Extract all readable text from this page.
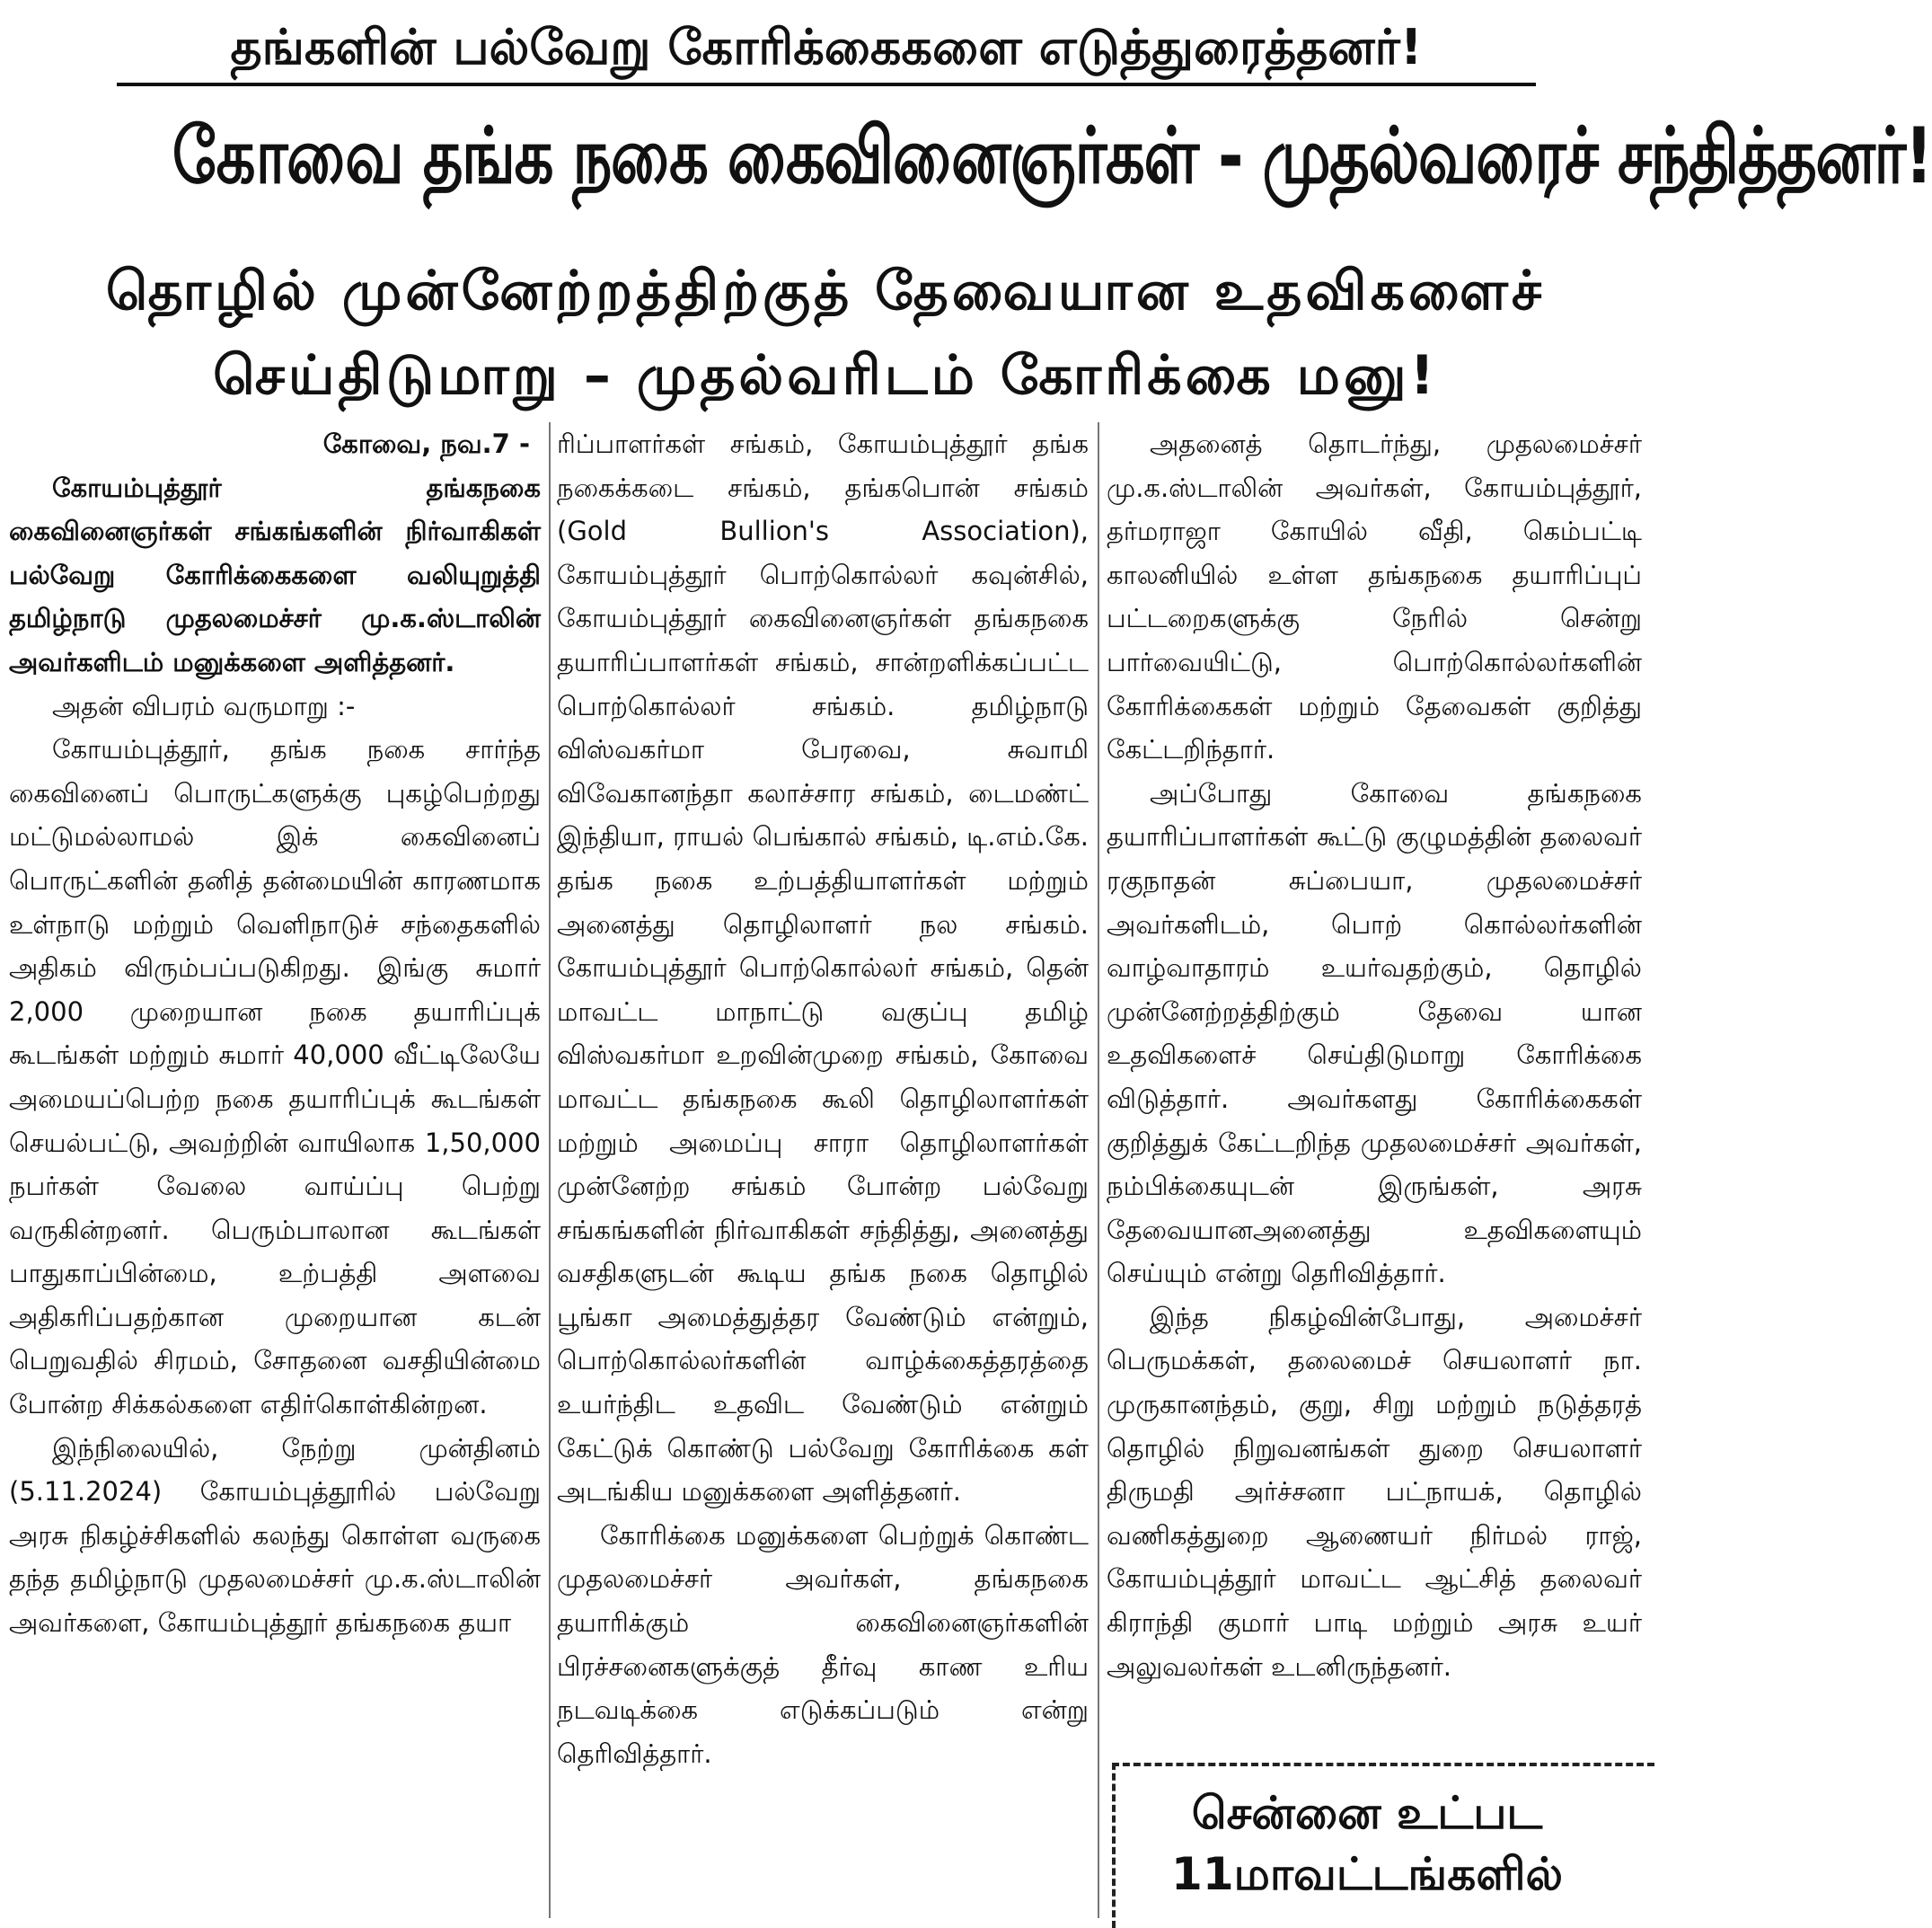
தங்களின் பல்வேறு கோரிக்கைகளை எடுத்துரைத்தனர்!
கோவை தங்க நகை கைவினைஞர்கள் - முதல்வரைச் சந்தித்தனர்!
தொழில் முன்னேற்றத்திற்குத் தேவையான உதவிகளைச்
செய்திடுமாறு – முதல்வரிடம் கோரிக்கை மனு!

கோவை, நவ.7 -

கோயம்புத்தூர் தங்கநகை கைவினைஞர்கள் சங்கங்களின் நிர்வாகிகள் பல்வேறு கோரிக்கைகளை வலியுறுத்தி தமிழ்நாடு முதலமைச்சர் மு.க.ஸ்டாலின் அவர்களிடம் மனுக்களை அளித்தனர்.

அதன் விபரம் வருமாறு :-

கோயம்புத்தூர், தங்க நகை சார்ந்த கைவினைப் பொருட்களுக்கு புகழ்பெற்றது மட்டுமல்லாமல் இக் கைவினைப் பொருட்களின் தனித் தன்மையின் காரணமாக உள்நாடு மற்றும் வெளிநாடுச் சந்தைகளில் அதிகம் விரும்பப்படுகிறது. இங்கு சுமார் 2,000 முறையான நகை தயாரிப்புக் கூடங்கள் மற்றும் சுமார் 40,000 வீட்டிலேயே அமையப்பெற்ற நகை தயாரிப்புக் கூடங்கள் செயல்பட்டு, அவற்றின் வாயிலாக 1,50,000 நபர்கள் வேலை வாய்ப்பு பெற்று வருகின்றனர். பெரும்பாலான கூடங்கள் பாதுகாப்பின்மை, உற்பத்தி அளவை அதிகரிப்பதற்கான முறையான கடன் பெறுவதில் சிரமம், சோதனை வசதியின்மை போன்ற சிக்கல்களை எதிர்கொள்கின்றன.

இந்நிலையில், நேற்று முன்தினம் (5.11.2024) கோயம்புத்தூரில் பல்வேறு அரசு நிகழ்ச்சிகளில் கலந்து கொள்ள வருகை தந்த தமிழ்நாடு முதலமைச்சர் மு.க.ஸ்டாலின் அவர்களை, கோயம்புத்தூர் தங்கநகை தயா

ரிப்பாளர்கள் சங்கம், கோயம்புத்தூர் தங்க நகைக்கடை சங்கம், தங்கபொன் சங்கம் (Gold Bullion's Association), கோயம்புத்தூர் பொற்கொல்லர் கவுன்சில், கோயம்புத்தூர் கைவினைஞர்கள் தங்கநகை தயாரிப்பாளர்கள் சங்கம், சான்றளிக்கப்பட்ட பொற்கொல்லர் சங்கம். தமிழ்நாடு விஸ்வகர்மா பேரவை, சுவாமி விவேகானந்தா கலாச்சார சங்கம், டைமண்ட் இந்தியா, ராயல் பெங்கால் சங்கம், டி.எம்.கே. தங்க நகை உற்பத்தியாளர்கள் மற்றும் அனைத்து தொழிலாளர் நல சங்கம். கோயம்புத்தூர் பொற்கொல்லர் சங்கம், தென் மாவட்ட மாநாட்டு வகுப்பு தமிழ் விஸ்வகர்மா உறவின்முறை சங்கம், கோவை மாவட்ட தங்கநகை கூலி தொழிலாளர்கள் மற்றும் அமைப்பு சாரா தொழிலாளர்கள் முன்னேற்ற சங்கம் போன்ற பல்வேறு சங்கங்களின் நிர்வாகிகள் சந்தித்து, அனைத்து வசதிகளுடன் கூடிய தங்க நகை தொழில் பூங்கா அமைத்துத்தர வேண்டும் என்றும், பொற்கொல்லர்களின் வாழ்க்கைத்தரத்தை உயர்ந்திட உதவிட வேண்டும் என்றும் கேட்டுக் கொண்டு பல்வேறு கோரிக்கை கள் அடங்கிய மனுக்களை அளித்தனர்.

கோரிக்கை மனுக்களை பெற்றுக் கொண்ட முதலமைச்சர் அவர்கள், தங்கநகை தயாரிக்கும் கைவினைஞர்களின் பிரச்சனைகளுக்குத் தீர்வு காண உரிய நடவடிக்கை எடுக்கப்படும் என்று தெரிவித்தார்.

அதனைத் தொடர்ந்து, முதலமைச்சர் மு.க.ஸ்டாலின் அவர்கள், கோயம்புத்தூர், தர்மராஜா கோயில் வீதி, கெம்பட்டி காலனியில் உள்ள தங்கநகை தயாரிப்புப் பட்டறைகளுக்கு நேரில் சென்று பார்வையிட்டு, பொற்கொல்லர்களின் கோரிக்கைகள் மற்றும் தேவைகள் குறித்து கேட்டறிந்தார்.

அப்போது கோவை தங்கநகை தயாரிப்பாளர்கள் கூட்டு குழுமத்தின் தலைவர் ரகுநாதன் சுப்பையா, முதலமைச்சர் அவர்களிடம், பொற் கொல்லர்களின் வாழ்வாதாரம் உயர்வதற்கும், தொழில் முன்னேற்றத்திற்கும் தேவை யான உதவிகளைச் செய்திடுமாறு கோரிக்கை விடுத்தார். அவர்களது கோரிக்கைகள் குறித்துக் கேட்டறிந்த முதலமைச்சர் அவர்கள், நம்பிக்கையுடன் இருங்கள், அரசு தேவையானஅனைத்து உதவிகளையும் செய்யும் என்று தெரிவித்தார்.

இந்த நிகழ்வின்போது, அமைச்சர் பெருமக்கள், தலைமைச் செயலாளர் நா. முருகானந்தம், குறு, சிறு மற்றும் நடுத்தரத் தொழில் நிறுவனங்கள் துறை செயலாளர் திருமதி அர்ச்சனா பட்நாயக், தொழில் வணிகத்துறை ஆணையர் நிர்மல் ராஜ், கோயம்புத்தூர் மாவட்ட ஆட்சித் தலைவர் கிராந்தி குமார் பாடி மற்றும் அரசு உயர் அலுவலர்கள் உடனிருந்தனர்.

சென்னை உட்பட
11மாவட்டங்களில்
